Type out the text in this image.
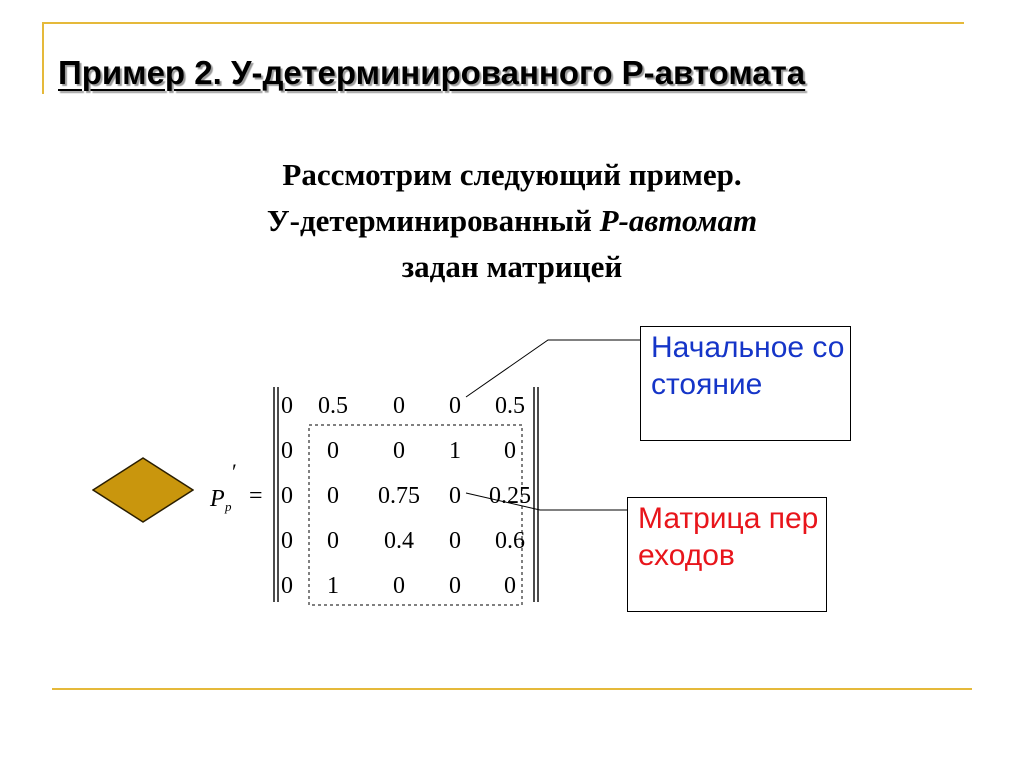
Пример 2. У-детерминированного Р-автомата
Рассмотрим следующий пример.
У-детерминированный Р-автомат
задан матрицей
P p
′
=
0 0.5 0 0 0.5
0 0 0 1 0
0 0 0.75 0 0.25
0 0 0.4 0 0.6
0 1 0 0 0
Начальное состояние
Матрица переходов
